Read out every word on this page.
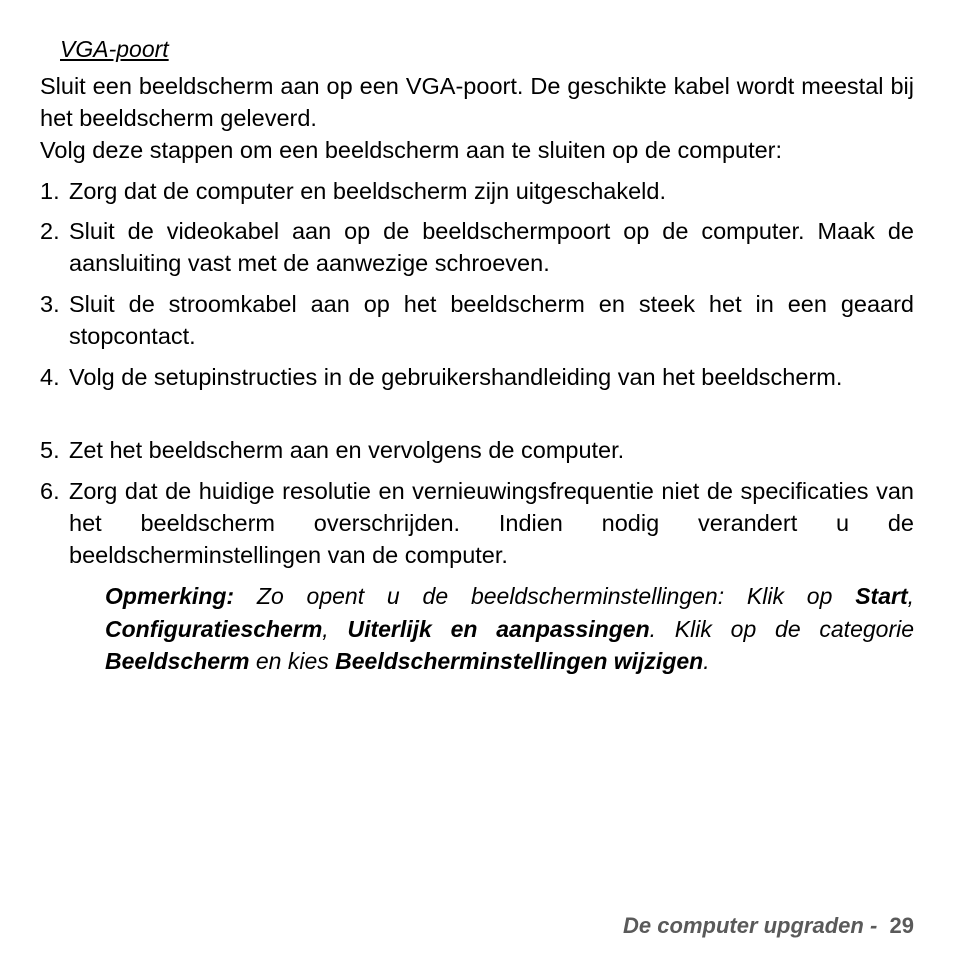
VGA-poort

Sluit een beeldscherm aan op een VGA-poort. De geschikte kabel wordt meestal bij het beeldscherm geleverd.

Volg deze stappen om een beeldscherm aan te sluiten op de computer:

1. Zorg dat de computer en beeldscherm zijn uitgeschakeld.
2. Sluit de videokabel aan op de beeldschermpoort op de computer. Maak de aansluiting vast met de aanwezige schroeven.
3. Sluit de stroomkabel aan op het beeldscherm en steek het in een geaard stopcontact.
4. Volg de setupinstructies in de gebruikershandleiding van het beeldscherm.
5. Zet het beeldscherm aan en vervolgens de computer.
6. Zorg dat de huidige resolutie en vernieuwingsfrequentie niet de specificaties van het beeldscherm overschrijden. Indien nodig verandert u de beeldscherminstellingen van de computer.

Opmerking: Zo opent u de beeldscherminstellingen: Klik op Start, Configuratiescherm, Uiterlijk en aanpassingen. Klik op de categorie Beeldscherm en kies Beeldscherminstellingen wijzigen.

De computer upgraden - 29
